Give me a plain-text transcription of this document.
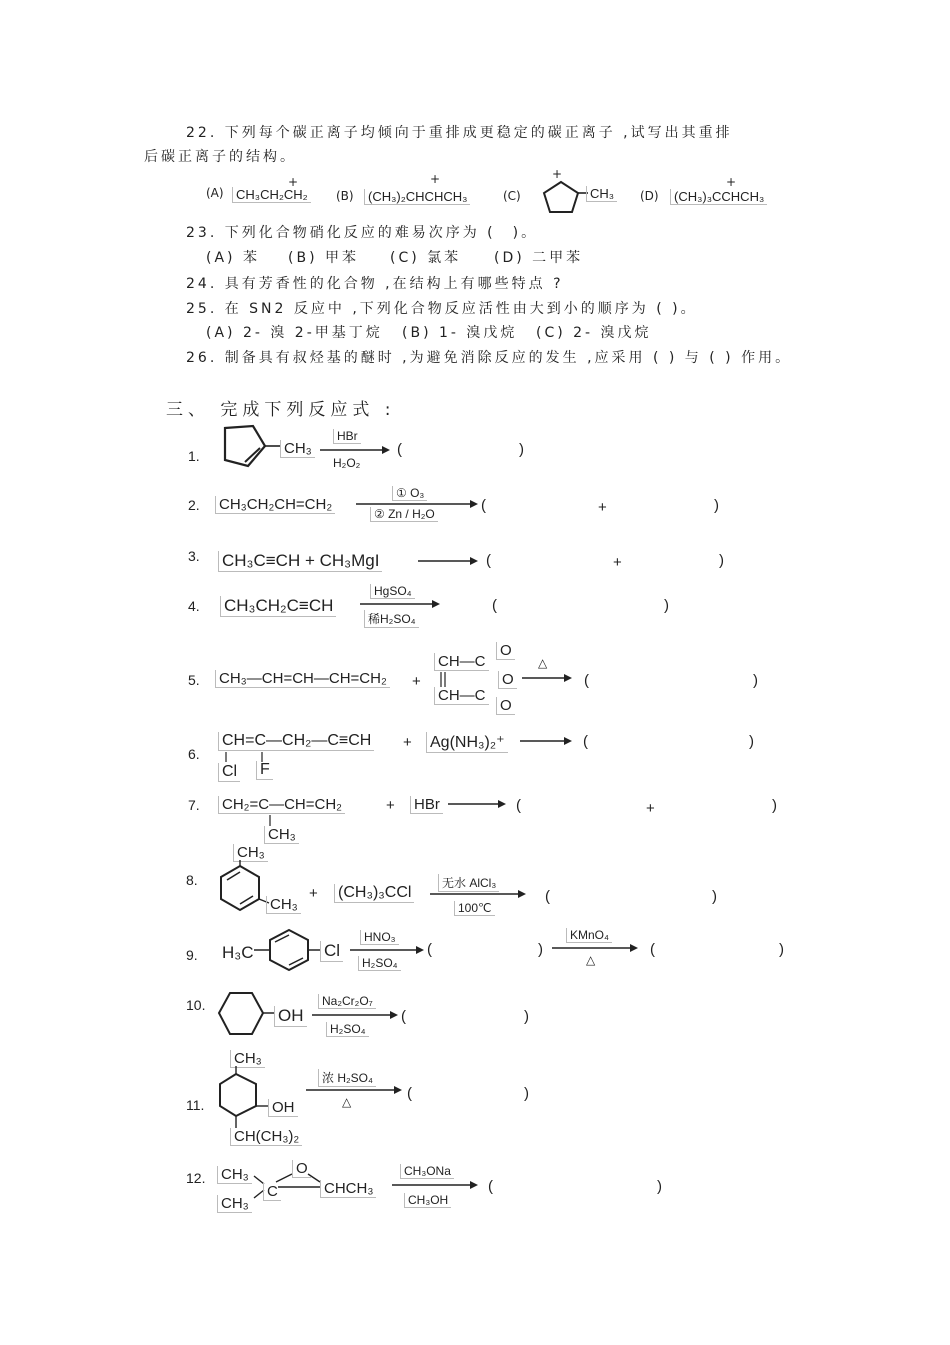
22. 下列每个碳正离子均倾向于重排成更稳定的碳正离子 ,试写出其重排
后碳正离子的结构。
(A) CH₃CH₂CH₂
+
(B)	(CH₃)₂CHCHCH₃
+
(C)
+
CH₃ (D)	(CH₃)₃CCHCH₃
+
23. 下列化合物硝化反应的难易次序为 (　)。
(A) 苯 (B) 甲苯 (C) 氯苯 (D) 二甲苯
24. 具有芳香性的化合物 ,在结构上有哪些特点 ?
25. 在 SN2 反应中 ,下列化合物反应活性由大到小的顺序为 ( )。
(A) 2- 溴 2-甲基丁烷 (B) 1- 溴戊烷 (C) 2- 溴戊烷
26. 制备具有叔烃基的醚时 ,为避免消除反应的发生 ,应采用 ( ) 与 ( ) 作用。
三、 完成下列反应式 :
1.	CH₃
HBr
H₂O₂
(	)
2. CH₃CH₂CH=CH₂
① O₃
② Zn / H₂O	(	+	)
3. CH₃C≡CH + CH₃MgI	(	+	)
4. CH₃CH₂C≡CH
HgSO₄
稀H₂SO₄
(	)
5. CH₃—CH=CH—CH=CH₂ +
CH—C
CH—C
O
O
O
△
(	)
6.
CH=C—CH₂—C≡CH
Cl F
+ Ag(NH₃)₂⁺	(	)
7. CH₂=C—CH=CH₂
CH₃
+ HBr	(	+	)
8.
CH₃
CH₃
+ (CH₃)₃CCl
无水 AlCl₃
100℃
(	)
9. H₃C	Cl
HNO₃
H₂SO₄
(	)
KMnO₄
△
(	)
10.
OH
Na₂Cr₂O₇
H₂SO₄
(	)
CH₃
11.	OH
CH(CH₃)₂
浓 H₂SO₄
△	(	)
12. CH₃
CH₃
C
O
CHCH₃
CH₃ONa
CH₃OH
(	)
